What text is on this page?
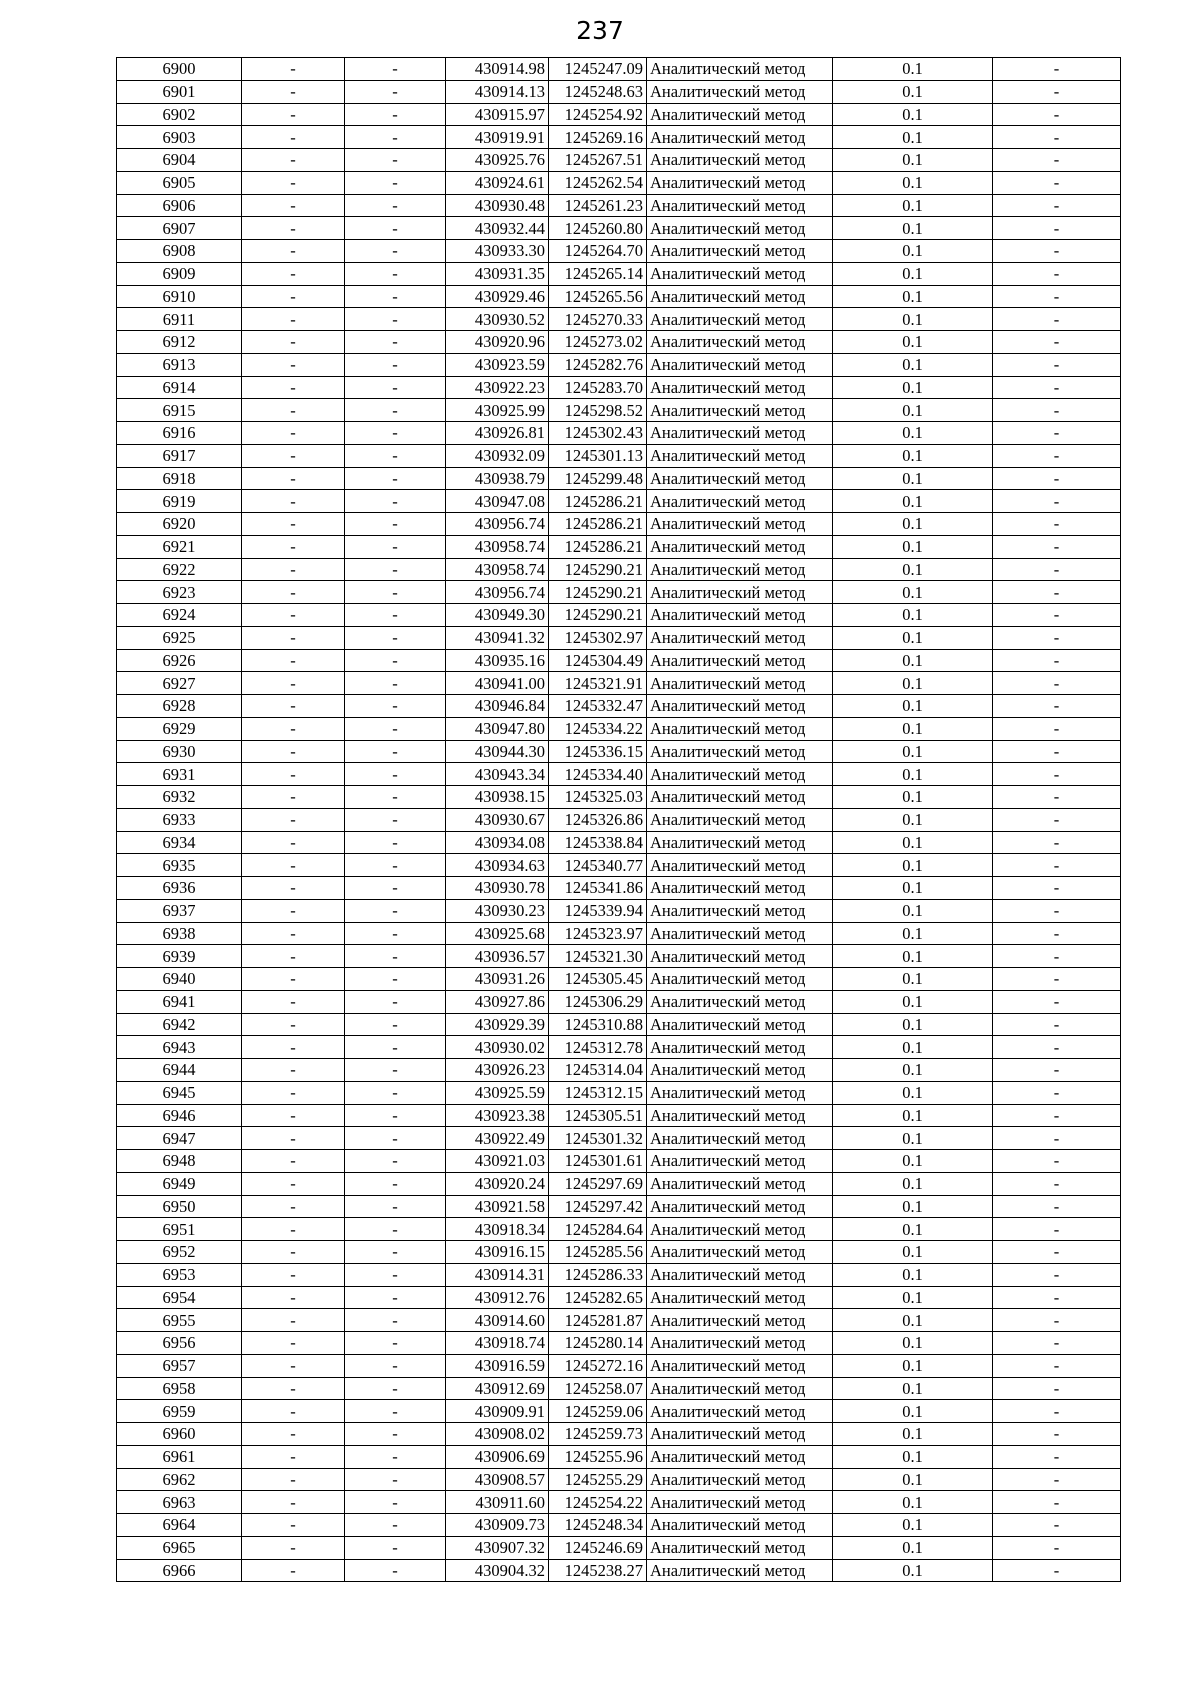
237
6900	-	-	430914.98	1245247.09	Аналитический метод	0.1	-
6901	-	-	430914.13	1245248.63	Аналитический метод	0.1	-
6902	-	-	430915.97	1245254.92	Аналитический метод	0.1	-
6903	-	-	430919.91	1245269.16	Аналитический метод	0.1	-
6904	-	-	430925.76	1245267.51	Аналитический метод	0.1	-
6905	-	-	430924.61	1245262.54	Аналитический метод	0.1	-
6906	-	-	430930.48	1245261.23	Аналитический метод	0.1	-
6907	-	-	430932.44	1245260.80	Аналитический метод	0.1	-
6908	-	-	430933.30	1245264.70	Аналитический метод	0.1	-
6909	-	-	430931.35	1245265.14	Аналитический метод	0.1	-
6910	-	-	430929.46	1245265.56	Аналитический метод	0.1	-
6911	-	-	430930.52	1245270.33	Аналитический метод	0.1	-
6912	-	-	430920.96	1245273.02	Аналитический метод	0.1	-
6913	-	-	430923.59	1245282.76	Аналитический метод	0.1	-
6914	-	-	430922.23	1245283.70	Аналитический метод	0.1	-
6915	-	-	430925.99	1245298.52	Аналитический метод	0.1	-
6916	-	-	430926.81	1245302.43	Аналитический метод	0.1	-
6917	-	-	430932.09	1245301.13	Аналитический метод	0.1	-
6918	-	-	430938.79	1245299.48	Аналитический метод	0.1	-
6919	-	-	430947.08	1245286.21	Аналитический метод	0.1	-
6920	-	-	430956.74	1245286.21	Аналитический метод	0.1	-
6921	-	-	430958.74	1245286.21	Аналитический метод	0.1	-
6922	-	-	430958.74	1245290.21	Аналитический метод	0.1	-
6923	-	-	430956.74	1245290.21	Аналитический метод	0.1	-
6924	-	-	430949.30	1245290.21	Аналитический метод	0.1	-
6925	-	-	430941.32	1245302.97	Аналитический метод	0.1	-
6926	-	-	430935.16	1245304.49	Аналитический метод	0.1	-
6927	-	-	430941.00	1245321.91	Аналитический метод	0.1	-
6928	-	-	430946.84	1245332.47	Аналитический метод	0.1	-
6929	-	-	430947.80	1245334.22	Аналитический метод	0.1	-
6930	-	-	430944.30	1245336.15	Аналитический метод	0.1	-
6931	-	-	430943.34	1245334.40	Аналитический метод	0.1	-
6932	-	-	430938.15	1245325.03	Аналитический метод	0.1	-
6933	-	-	430930.67	1245326.86	Аналитический метод	0.1	-
6934	-	-	430934.08	1245338.84	Аналитический метод	0.1	-
6935	-	-	430934.63	1245340.77	Аналитический метод	0.1	-
6936	-	-	430930.78	1245341.86	Аналитический метод	0.1	-
6937	-	-	430930.23	1245339.94	Аналитический метод	0.1	-
6938	-	-	430925.68	1245323.97	Аналитический метод	0.1	-
6939	-	-	430936.57	1245321.30	Аналитический метод	0.1	-
6940	-	-	430931.26	1245305.45	Аналитический метод	0.1	-
6941	-	-	430927.86	1245306.29	Аналитический метод	0.1	-
6942	-	-	430929.39	1245310.88	Аналитический метод	0.1	-
6943	-	-	430930.02	1245312.78	Аналитический метод	0.1	-
6944	-	-	430926.23	1245314.04	Аналитический метод	0.1	-
6945	-	-	430925.59	1245312.15	Аналитический метод	0.1	-
6946	-	-	430923.38	1245305.51	Аналитический метод	0.1	-
6947	-	-	430922.49	1245301.32	Аналитический метод	0.1	-
6948	-	-	430921.03	1245301.61	Аналитический метод	0.1	-
6949	-	-	430920.24	1245297.69	Аналитический метод	0.1	-
6950	-	-	430921.58	1245297.42	Аналитический метод	0.1	-
6951	-	-	430918.34	1245284.64	Аналитический метод	0.1	-
6952	-	-	430916.15	1245285.56	Аналитический метод	0.1	-
6953	-	-	430914.31	1245286.33	Аналитический метод	0.1	-
6954	-	-	430912.76	1245282.65	Аналитический метод	0.1	-
6955	-	-	430914.60	1245281.87	Аналитический метод	0.1	-
6956	-	-	430918.74	1245280.14	Аналитический метод	0.1	-
6957	-	-	430916.59	1245272.16	Аналитический метод	0.1	-
6958	-	-	430912.69	1245258.07	Аналитический метод	0.1	-
6959	-	-	430909.91	1245259.06	Аналитический метод	0.1	-
6960	-	-	430908.02	1245259.73	Аналитический метод	0.1	-
6961	-	-	430906.69	1245255.96	Аналитический метод	0.1	-
6962	-	-	430908.57	1245255.29	Аналитический метод	0.1	-
6963	-	-	430911.60	1245254.22	Аналитический метод	0.1	-
6964	-	-	430909.73	1245248.34	Аналитический метод	0.1	-
6965	-	-	430907.32	1245246.69	Аналитический метод	0.1	-
6966	-	-	430904.32	1245238.27	Аналитический метод	0.1	-
